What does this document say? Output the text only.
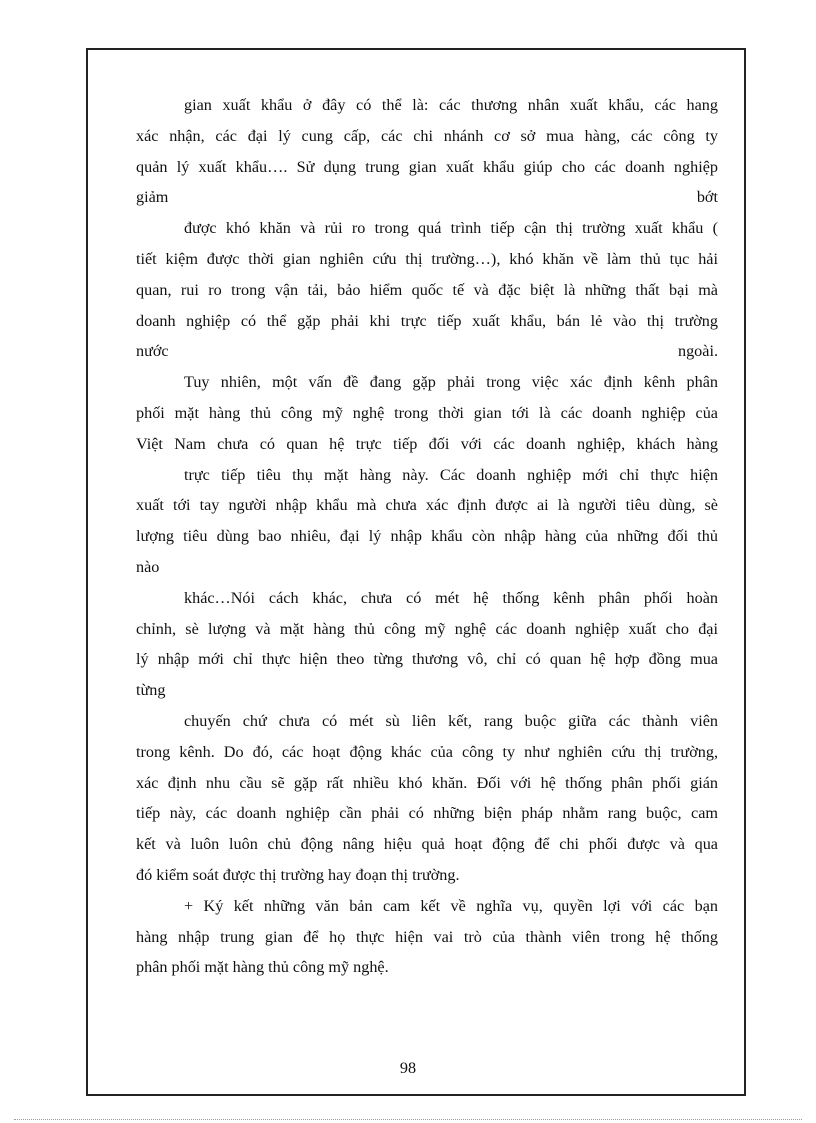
gian xuất khẩu ở đây có thể là: các thương nhân xuất khẩu, các hang
xác nhận, các đại lý cung cấp, các chi nhánh cơ sở mua hàng, các công ty
quản lý xuất khẩu…. Sử dụng trung gian xuất khẩu giúp cho các doanh nghiệp
giảm bớt
được khó khăn và rủi ro trong quá trình tiếp cận thị trường xuất khẩu (
tiết kiệm được thời gian nghiên cứu thị trường…), khó khăn về làm thủ tục hải
quan, rui ro trong vận tải, bảo hiểm quốc tế và đặc biệt là những thất bại mà
doanh nghiệp có thể gặp phải khi trực tiếp xuất khẩu, bán lẻ vào thị trường
nước ngoài.
Tuy nhiên, một vấn đề đang gặp phải trong việc xác định kênh phân
phối mặt hàng thủ công mỹ nghệ trong thời gian tới là các doanh nghiệp của
Việt Nam chưa có quan hệ trực tiếp đối với các doanh nghiệp, khách hàng
trực tiếp tiêu thụ mặt hàng này. Các doanh nghiệp mới chỉ thực hiện
xuất tới tay người nhập khẩu mà chưa xác định được ai là người tiêu dùng, sè
lượng tiêu dùng bao nhiêu, đại lý nhập khẩu còn nhập hàng của những đối thủ
nào
khác…Nói cách khác, chưa có mét hệ thống kênh phân phối hoàn
chỉnh, sè lượng và mặt hàng thủ công mỹ nghệ các doanh nghiệp xuất cho đại
lý nhập mới chỉ thực hiện theo từng thương vô, chỉ có quan hệ hợp đồng mua
từng
chuyến chứ chưa có mét sù liên kết, rang buộc giữa các thành viên
trong kênh. Do đó, các hoạt động khác của công ty như nghiên cứu thị trường,
xác định nhu cầu sẽ gặp rất nhiều khó khăn. Đối với hệ thống phân phối gián
tiếp này, các doanh nghiệp cần phải có những biện pháp nhằm rang buộc, cam
kết và luôn luôn chủ động nâng hiệu quả hoạt động để chi phối được và qua
đó kiểm soát được thị trường hay đoạn thị trường.
+ Ký kết những văn bản cam kết về nghĩa vụ, quyền lợi với các bạn
hàng nhập trung gian để họ thực hiện vai trò của thành viên trong hệ thống
phân phối mặt hàng thủ công mỹ nghệ.
98
